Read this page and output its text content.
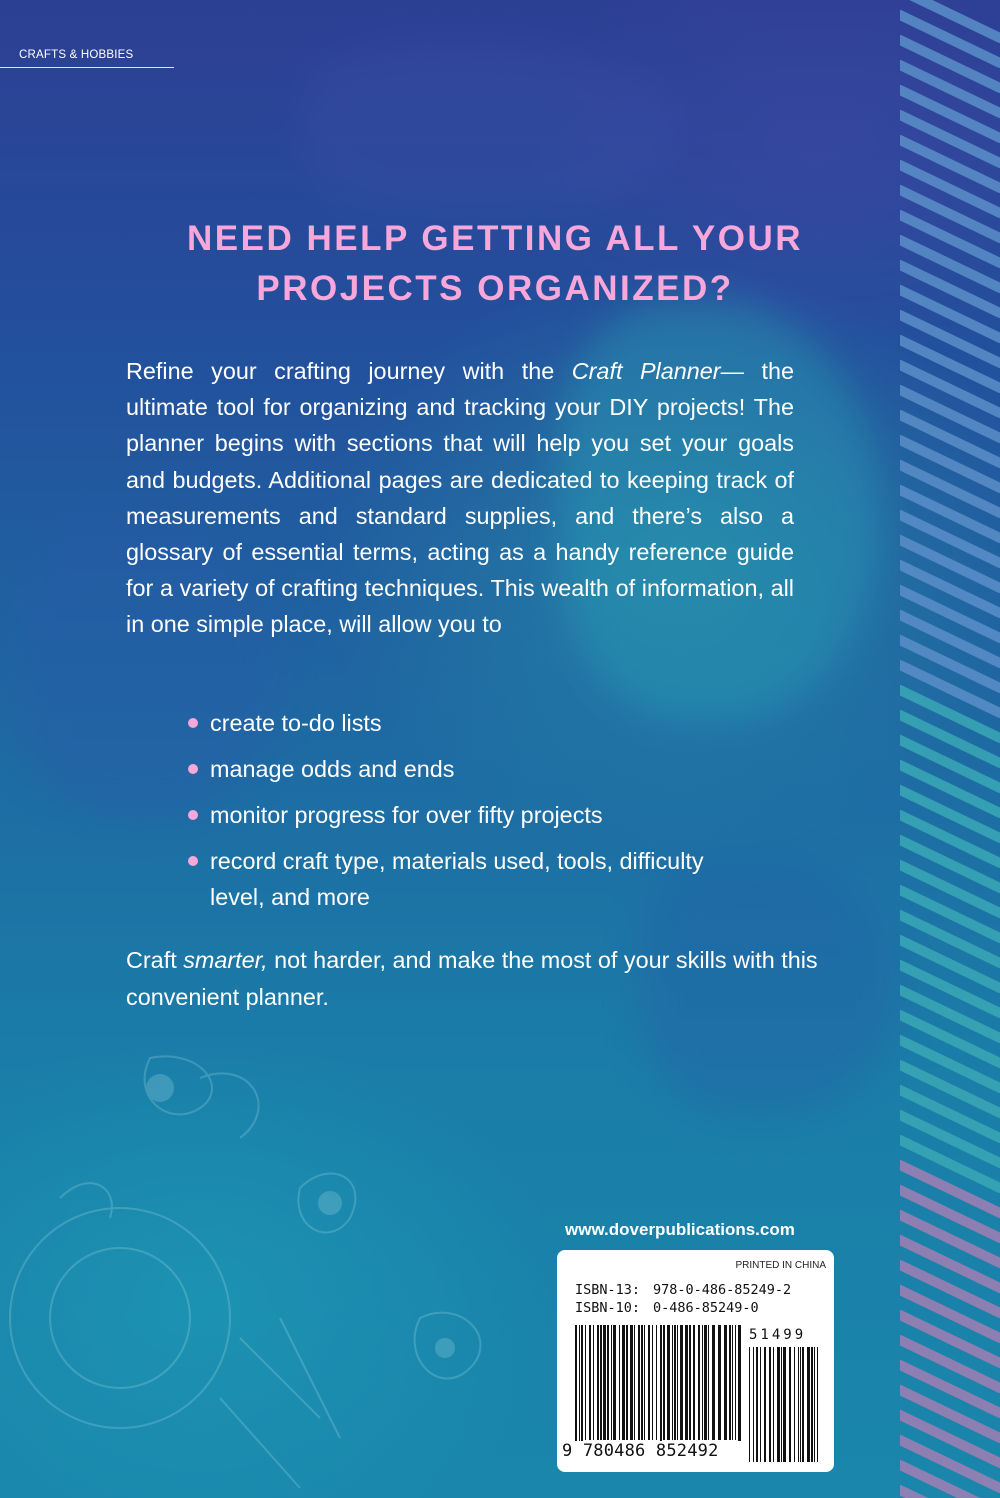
CRAFTS & HOBBIES
NEED HELP GETTING ALL YOUR
PROJECTS ORGANIZED?

Refine your crafting journey with the Craft Planner— the ultimate tool for organizing and tracking your DIY projects! The planner begins with sections that will help you set your goals and budgets. Additional pages are dedicated to keeping track of measurements and standard supplies, and there’s also a glossary of essential terms, acting as a handy reference guide for a variety of crafting techniques. This wealth of information, all in one simple place, will allow you to

create to-do lists
manage odds and ends
monitor progress for over fifty projects
record craft type, materials used, tools, difficulty level, and more

Craft smarter, not harder, and make the most of your skills with this convenient planner.

www.doverpublications.com
PRINTED IN CHINA
ISBN-13: 978-0-486-85249-2
ISBN-10: 0-486-85249-0
51499
9 780486 852492
